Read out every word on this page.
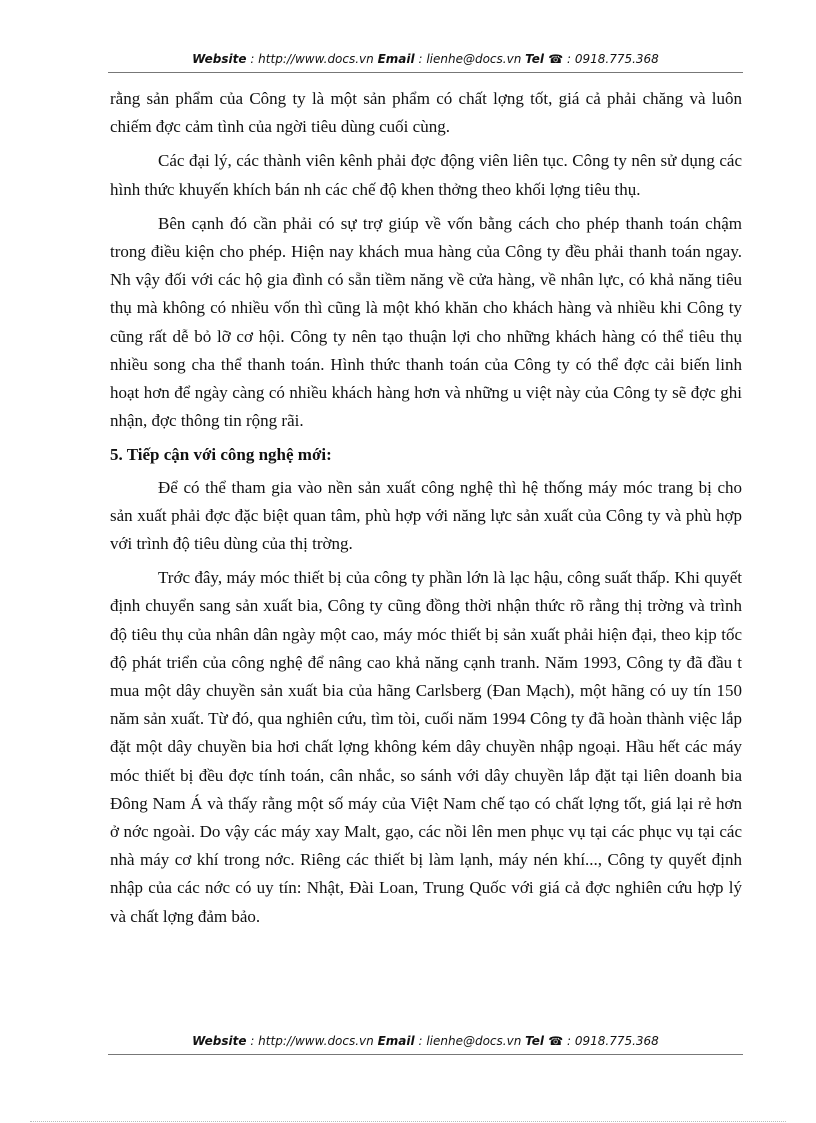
Website : http://www.docs.vn Email : lienhe@docs.vn Tel ☎ : 0918.775.368

rằng sản phẩm của Công ty là một sản phẩm có chất lợng tốt, giá cả phải chăng và luôn chiếm đợc cảm tình của ngời tiêu dùng cuối cùng.

Các đại lý, các thành viên kênh phải đợc động viên liên tục. Công ty nên sử dụng các hình thức khuyến khích bán nh các chế độ khen thởng theo khối lợng tiêu thụ.

Bên cạnh đó cần phải có sự trợ giúp về vốn bằng cách cho phép thanh toán chậm trong điều kiện cho phép. Hiện nay khách mua hàng của Công ty đều phải thanh toán ngay. Nh vậy đối với các hộ gia đình có sẵn tiềm năng về cửa hàng, về nhân lực, có khả năng tiêu thụ mà không có nhiều vốn thì cũng là một khó khăn cho khách hàng và nhiều khi Công ty cũng rất dễ bỏ lỡ cơ hội. Công ty nên tạo thuận lợi cho những khách hàng có thể tiêu thụ nhiều song cha thể thanh toán. Hình thức thanh toán của Công ty có thể đợc cải biến linh hoạt hơn để ngày càng có nhiều khách hàng hơn và những u việt này của Công ty sẽ đợc ghi nhận, đợc thông tin rộng rãi.

5. Tiếp cận với công nghệ mới:

Để có thể tham gia vào nền sản xuất công nghệ thì hệ thống máy móc trang bị cho sản xuất phải đợc đặc biệt quan tâm, phù hợp với năng lực sản xuất của Công ty và phù hợp với trình độ tiêu dùng của thị trờng.

Trớc đây, máy móc thiết bị của công ty phần lớn là lạc hậu, công suất thấp. Khi quyết định chuyển sang sản xuất bia, Công ty cũng đồng thời nhận thức rõ rằng thị trờng và trình độ tiêu thụ của nhân dân ngày một cao, máy móc thiết bị sản xuất phải hiện đại, theo kịp tốc độ phát triển của công nghệ để nâng cao khả năng cạnh tranh. Năm 1993, Công ty đã đầu t mua một dây chuyền sản xuất bia của hãng Carlsberg (Đan Mạch), một hãng có uy tín 150 năm sản xuất. Từ đó, qua nghiên cứu, tìm tòi, cuối năm 1994 Công ty đã hoàn thành việc lắp đặt một dây chuyền bia hơi chất lợng không kém dây chuyền nhập ngoại. Hầu hết các máy móc thiết bị đều đợc tính toán, cân nhắc, so sánh với dây chuyền lắp đặt tại liên doanh bia Đông Nam Á và thấy rằng một số máy của Việt Nam chế tạo có chất lợng tốt, giá lại rẻ hơn ở nớc ngoài. Do vậy các máy xay Malt, gạo, các nồi lên men phục vụ tại các phục vụ tại các nhà máy cơ khí trong nớc. Riêng các thiết bị làm lạnh, máy nén khí..., Công ty quyết định nhập của các nớc có uy tín: Nhật, Đài Loan, Trung Quốc với giá cả đợc nghiên cứu hợp lý và chất lợng đảm bảo.

Website : http://www.docs.vn Email : lienhe@docs.vn Tel ☎ : 0918.775.368
